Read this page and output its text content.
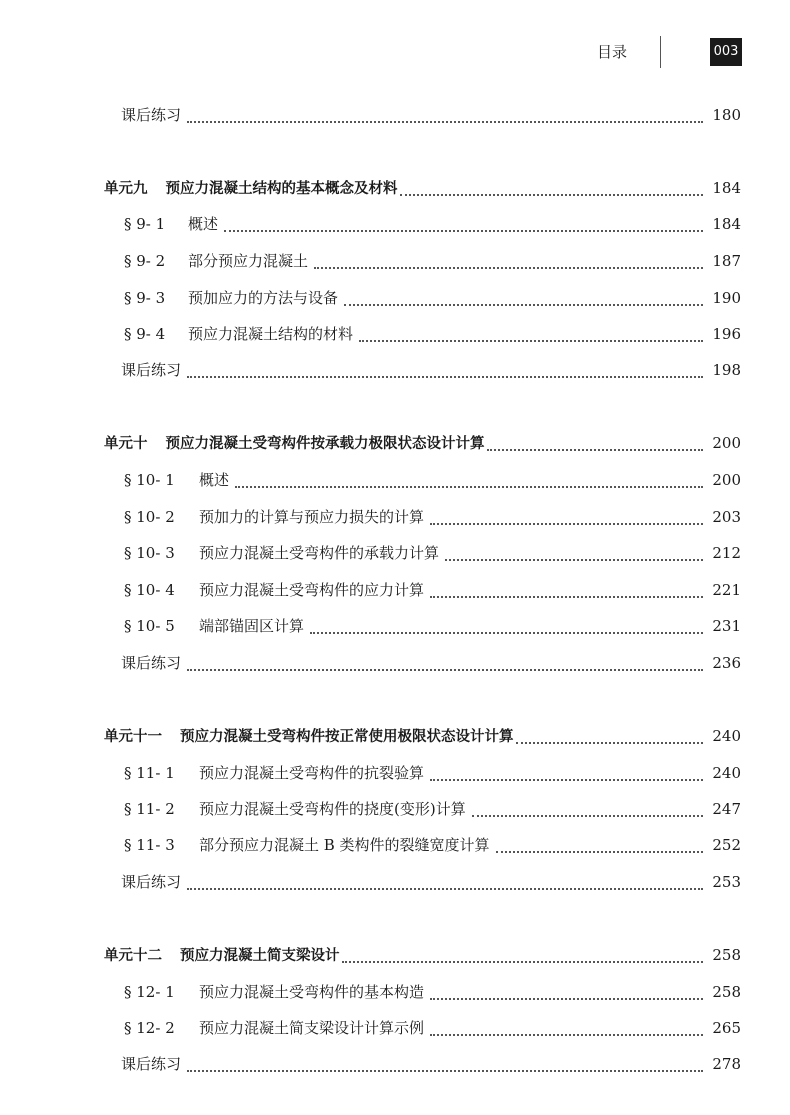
目录	003
课后练习	180
单元九 预应力混凝土结构的基本概念及材料	184
§ 9- 1	概述	184
§ 9- 2	部分预应力混凝土	187
§ 9- 3	预加应力的方法与设备	190
§ 9- 4	预应力混凝土结构的材料	196
课后练习	198
单元十 预应力混凝土受弯构件按承载力极限状态设计计算	200
§ 10- 1	概述	200
§ 10- 2	预加力的计算与预应力损失的计算	203
§ 10- 3	预应力混凝土受弯构件的承载力计算	212
§ 10- 4	预应力混凝土受弯构件的应力计算	221
§ 10- 5	端部锚固区计算	231
课后练习	236
单元十一 预应力混凝土受弯构件按正常使用极限状态设计计算	240
§ 11- 1	预应力混凝土受弯构件的抗裂验算	240
§ 11- 2	预应力混凝土受弯构件的挠度(变形)计算	247
§ 11- 3	部分预应力混凝土 B 类构件的裂缝宽度计算	252
课后练习	253
单元十二 预应力混凝土简支梁设计	258
§ 12- 1	预应力混凝土受弯构件的基本构造	258
§ 12- 2	预应力混凝土简支梁设计计算示例	265
课后练习	278
